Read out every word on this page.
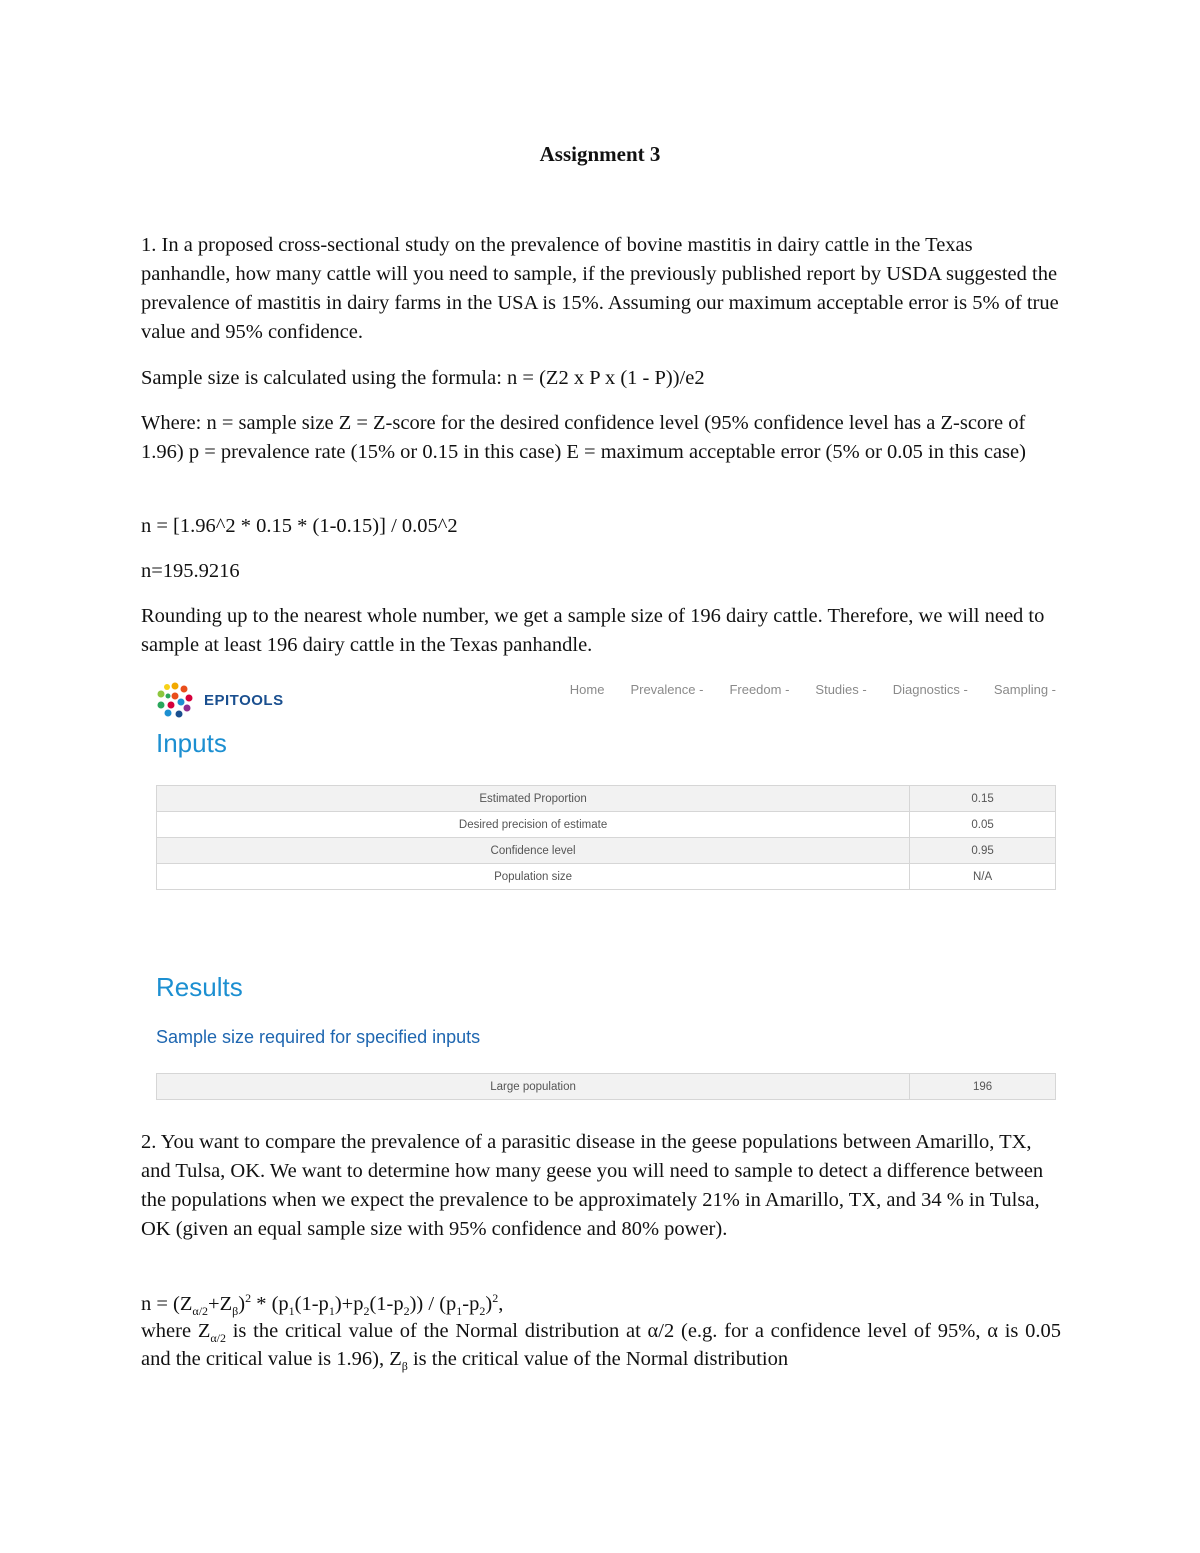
Assignment 3
1. In a proposed cross-sectional study on the prevalence of bovine mastitis in dairy cattle in the Texas panhandle, how many cattle will you need to sample, if the previously published report by USDA suggested the prevalence of mastitis in dairy farms in the USA is 15%. Assuming our maximum acceptable error is 5% of true value and 95% confidence.
Sample size is calculated using the formula: n = (Z2 x P x (1 - P))/e2
Where: n = sample size Z = Z-score for the desired confidence level (95% confidence level has a Z-score of 1.96) p = prevalence rate (15% or 0.15 in this case) E = maximum acceptable error (5% or 0.05 in this case)
n = [1.96^2 * 0.15 * (1-0.15)] / 0.05^2
n=195.9216
Rounding up to the nearest whole number, we get a sample size of 196 dairy cattle. Therefore, we will need to sample at least 196 dairy cattle in the Texas panhandle.
EPITOOLS
Home Prevalence - Freedom - Studies - Diagnostics - Sampling -
Inputs
Estimated Proportion	0.15
Desired precision of estimate	0.05
Confidence level	0.95
Population size	N/A
Results
Sample size required for specified inputs
Large population	196
2. You want to compare the prevalence of a parasitic disease in the geese populations between Amarillo, TX, and Tulsa, OK. We want to determine how many geese you will need to sample to detect a difference between the populations when we expect the prevalence to be approximately 21% in Amarillo, TX, and 34 % in Tulsa, OK (given an equal sample size with 95% confidence and 80% power).
$n = (Z_{\alpha/2}+Z_\beta)^2 * (p_1(1-p_1)+p_2(1-p_2)) / (p_1-p_2)^2$,
where $Z_{\alpha/2}$ is the critical value of the Normal distribution at α/2 (e.g. for a confidence level of 95%, α is 0.05 and the critical value is 1.96), $Z_\beta$ is the critical value of the Normal distribution
